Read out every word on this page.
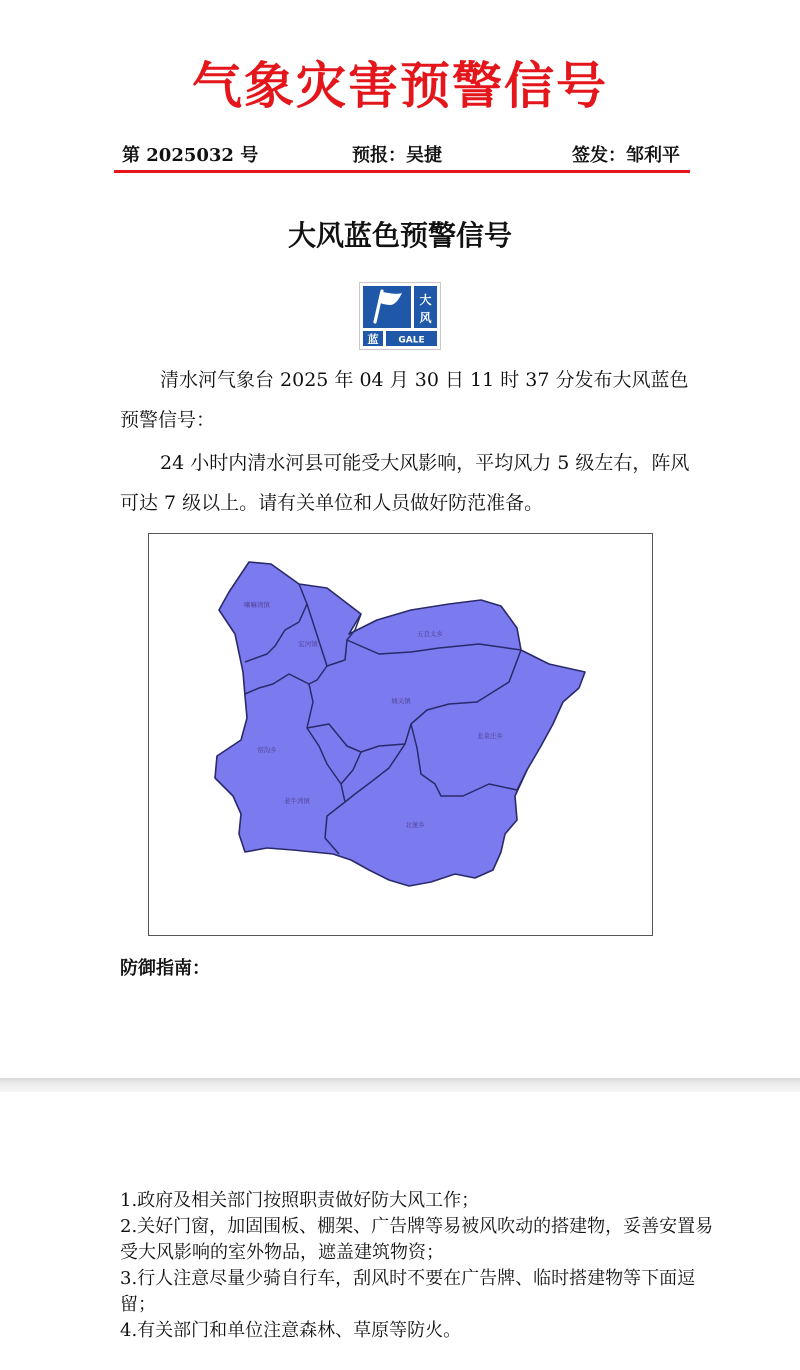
气象灾害预警信号
第 2025032 号	预报：吴捷	签发：邹利平
大风蓝色预警信号
大
风
蓝 GALE
清水河气象台 2025 年 04 月 30 日 11 时 37 分发布大风蓝色预警信号：
24 小时内清水河县可能受大风影响，平均风力 5 级左右，阵风可达 7 级以上。请有关单位和人员做好防范准备。
喇嘛湾镇
宏河镇
五良太乡
城关镇
韭菜庄乡
窑沟乡
老牛湾镇
北堡乡
防御指南：
1.政府及相关部门按照职责做好防大风工作；
2.关好门窗，加固围板、棚架、广告牌等易被风吹动的搭建物，妥善安置易受大风影响的室外物品，遮盖建筑物资；
3.行人注意尽量少骑自行车，刮风时不要在广告牌、临时搭建物等下面逗留；
4.有关部门和单位注意森林、草原等防火。
